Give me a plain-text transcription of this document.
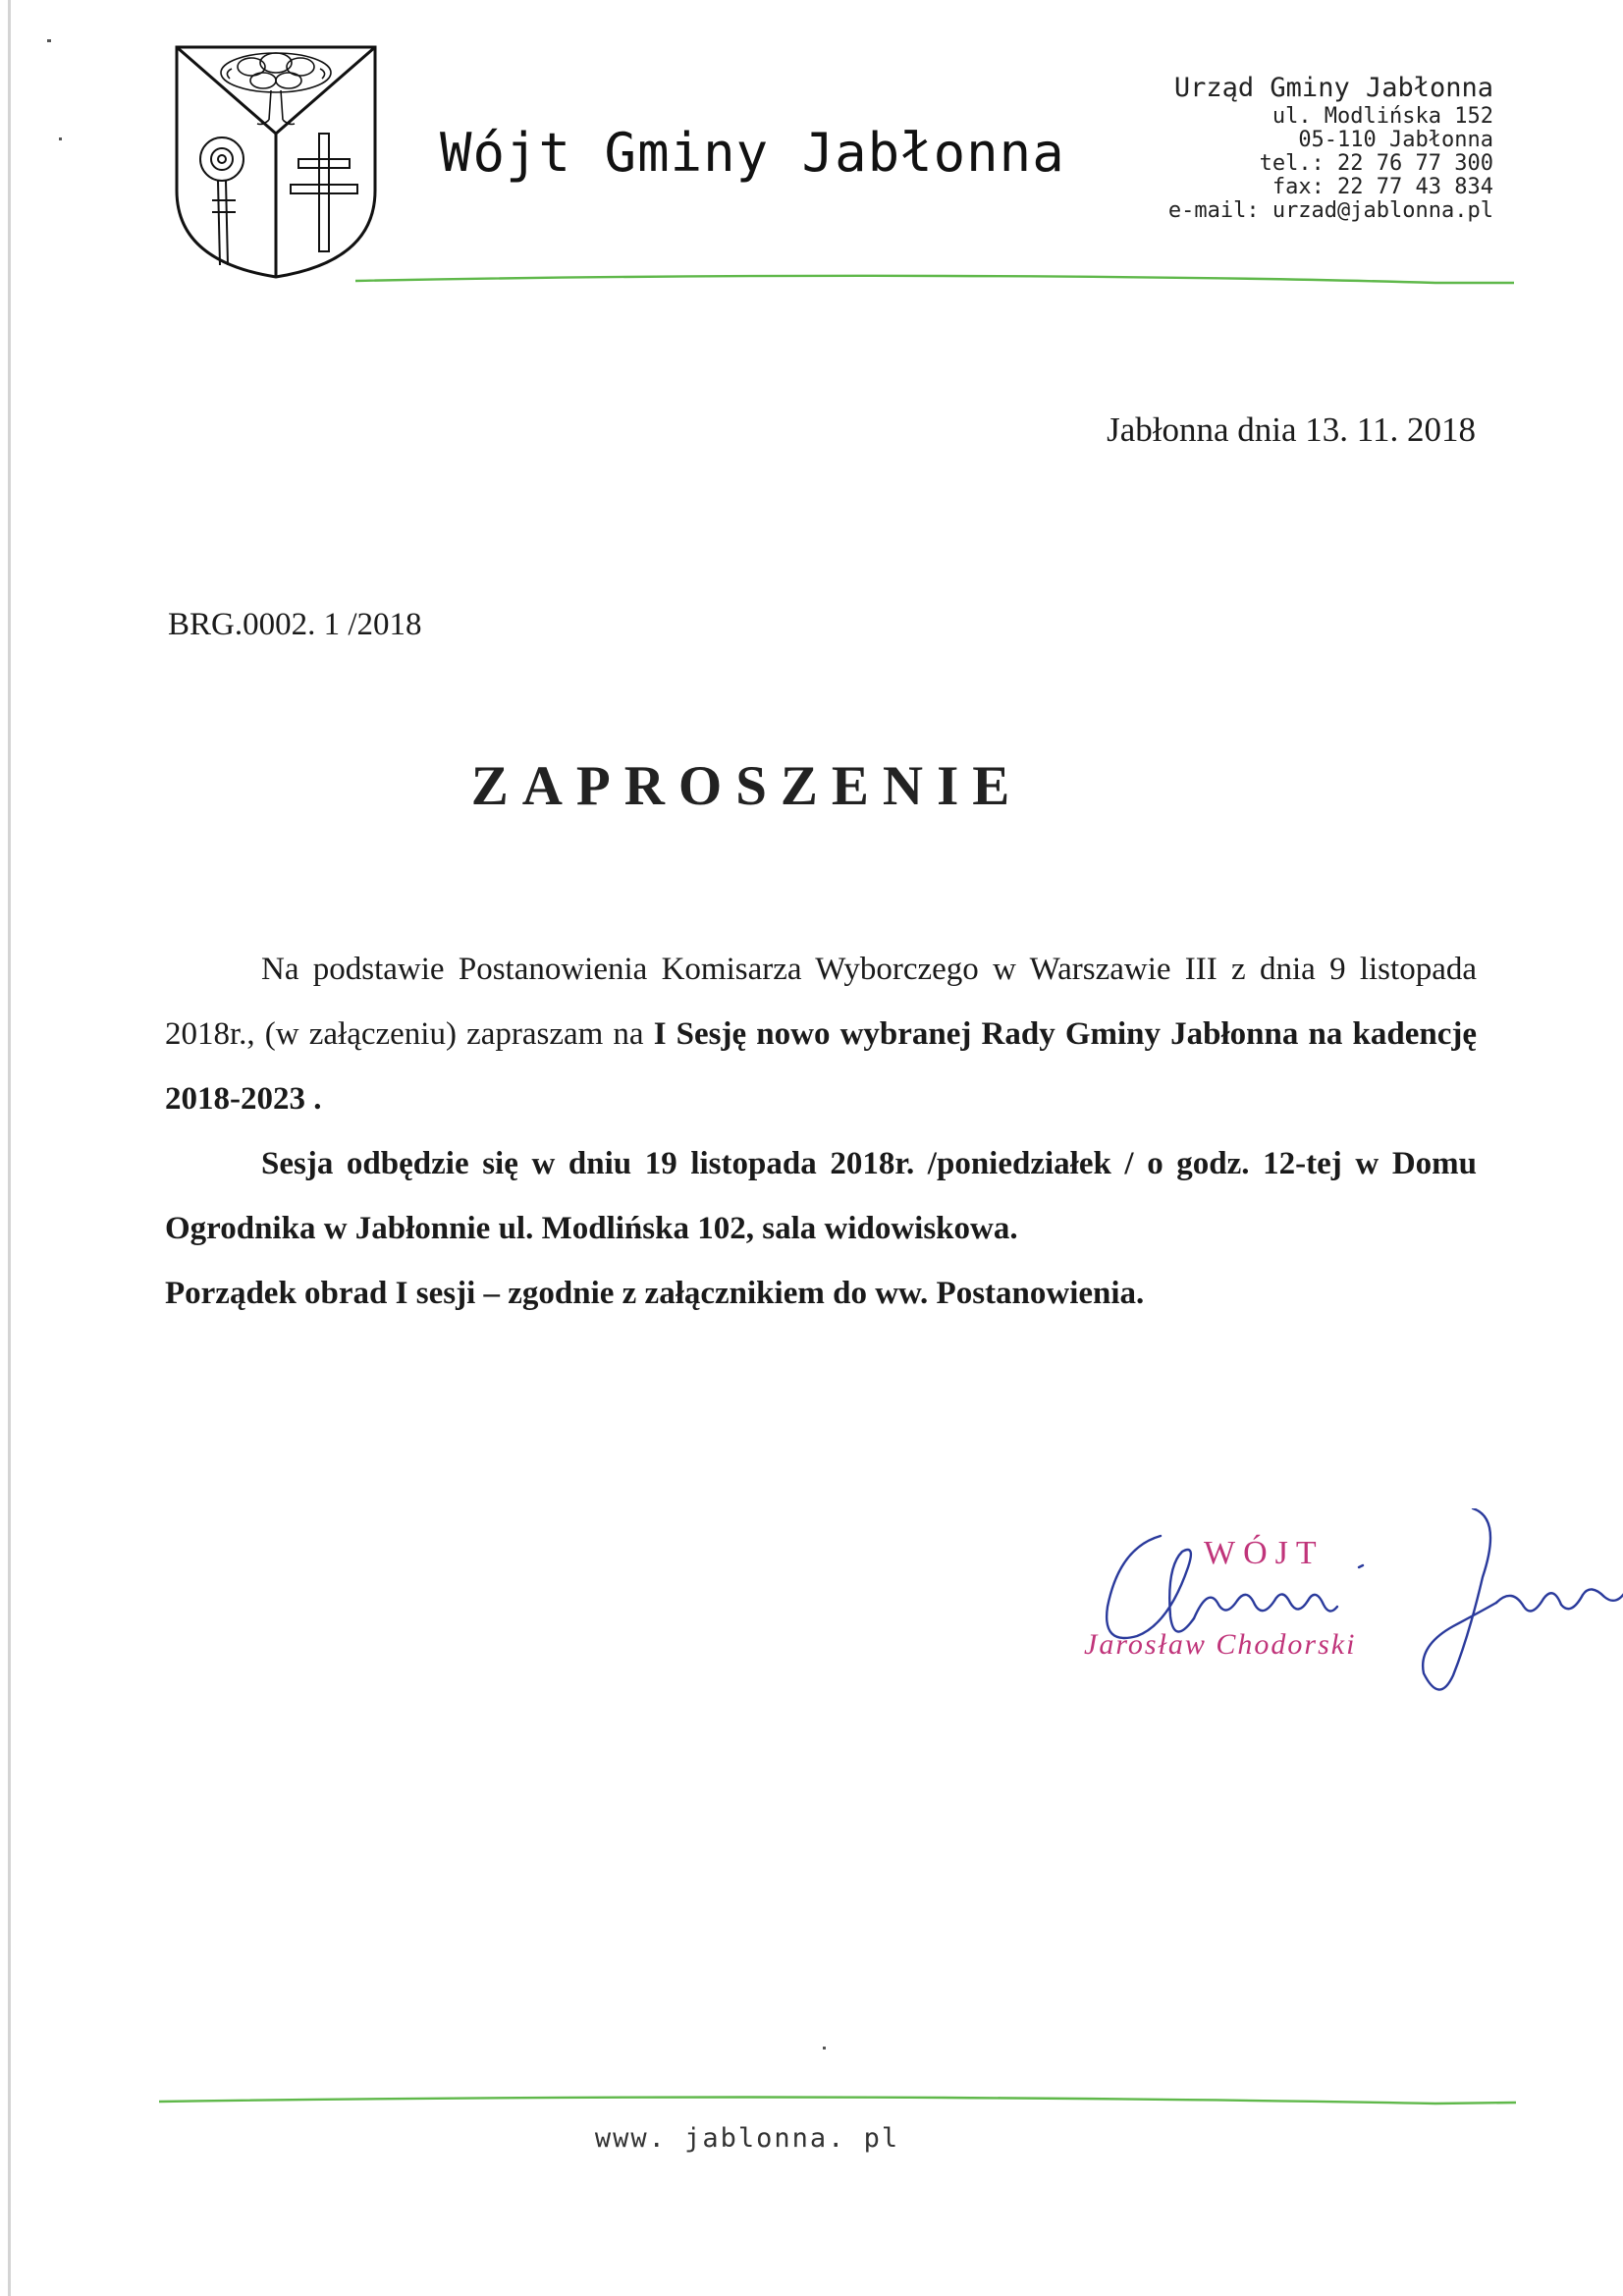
Wójt Gminy Jabłonna
Urząd Gminy Jabłonna
ul. Modlińska 152
05-110 Jabłonna
tel.: 22 76 77 300
fax: 22 77 43 834
e-mail: urzad@jablonna.pl
Jabłonna dnia 13. 11. 2018
BRG.0002. 1 /2018
ZAPROSZENIE

Na podstawie Postanowienia Komisarza Wyborczego w Warszawie III z dnia 9 listopada 2018r., (w załączeniu) zapraszam na I Sesję nowo wybranej Rady Gminy Jabłonna na kadencję 2018-2023 .

Sesja odbędzie się w dniu 19 listopada 2018r. /poniedziałek / o godz. 12-tej w Domu Ogrodnika w Jabłonnie ul. Modlińska 102, sala widowiskowa.

Porządek obrad I sesji – zgodnie z załącznikiem do ww. Postanowienia.

WÓJT
Jarosław Chodorski
www. jablonna. pl
